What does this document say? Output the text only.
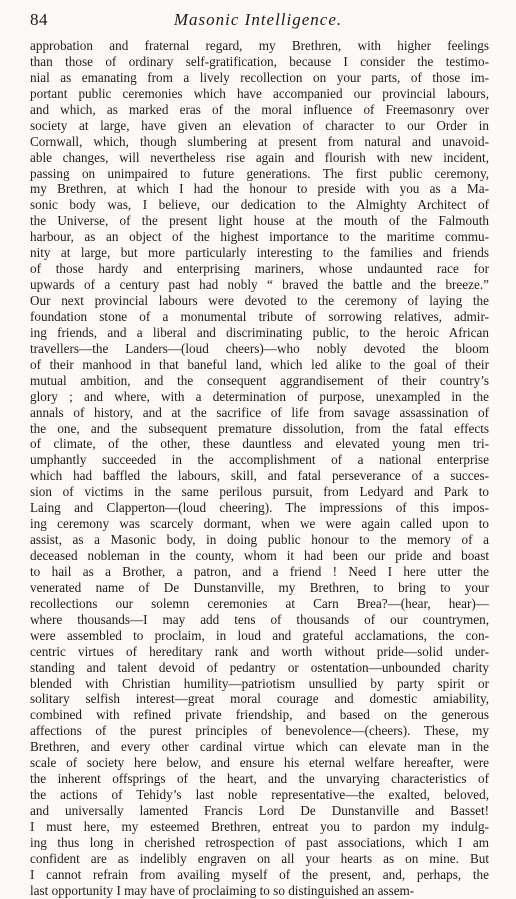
84	Masonic Intelligence.
approbation and fraternal regard, my Brethren, with higher feelings
than those of ordinary self-gratification, because I consider the testimo-
nial as emanating from a lively recollection on your parts, of those im-
portant public ceremonies which have accompanied our provincial labours,
and which, as marked eras of the moral influence of Freemasonry over
society at large, have given an elevation of character to our Order in
Cornwall, which, though slumbering at present from natural and unavoid-
able changes, will nevertheless rise again and flourish with new incident,
passing on unimpaired to future generations. The first public ceremony,
my Brethren, at which I had the honour to preside with you as a Ma-
sonic body was, I believe, our dedication to the Almighty Architect of
the Universe, of the present light house at the mouth of the Falmouth
harbour, as an object of the highest importance to the maritime commu-
nity at large, but more particularly interesting to the families and friends
of those hardy and enterprising mariners, whose undaunted race for
upwards of a century past had nobly “ braved the battle and the breeze.”
Our next provincial labours were devoted to the ceremony of laying the
foundation stone of a monumental tribute of sorrowing relatives, admir-
ing friends, and a liberal and discriminating public, to the heroic African
travellers—the Landers—(loud cheers)—who nobly devoted the bloom
of their manhood in that baneful land, which led alike to the goal of their
mutual ambition, and the consequent aggrandisement of their country’s
glory ; and where, with a determination of purpose, unexampled in the
annals of history, and at the sacrifice of life from savage assassination of
the one, and the subsequent premature dissolution, from the fatal effects
of climate, of the other, these dauntless and elevated young men tri-
umphantly succeeded in the accomplishment of a national enterprise
which had baffled the labours, skill, and fatal perseverance of a succes-
sion of victims in the same perilous pursuit, from Ledyard and Park to
Laing and Clapperton—(loud cheering). The impressions of this impos-
ing ceremony was scarcely dormant, when we were again called upon to
assist, as a Masonic body, in doing public honour to the memory of a
deceased nobleman in the county, whom it had been our pride and boast
to hail as a Brother, a patron, and a friend ! Need I here utter the
venerated name of De Dunstanville, my Brethren, to bring to your
recollections our solemn ceremonies at Carn Brea?—(hear, hear)—
where thousands—I may add tens of thousands of our countrymen,
were assembled to proclaim, in loud and grateful acclamations, the con-
centric virtues of hereditary rank and worth without pride—solid under-
standing and talent devoid of pedantry or ostentation—unbounded charity
blended with Christian humility—patriotism unsullied by party spirit or
solitary selfish interest—great moral courage and domestic amiability,
combined with refined private friendship, and based on the generous
affections of the purest principles of benevolence—(cheers). These, my
Brethren, and every other cardinal virtue which can elevate man in the
scale of society here below, and ensure his eternal welfare hereafter, were
the inherent offsprings of the heart, and the unvarying characteristics of
the actions of Tehidy’s last noble representative—the exalted, beloved,
and universally lamented Francis Lord De Dunstanville and Basset!
I must here, my esteemed Brethren, entreat you to pardon my indulg-
ing thus long in cherished retrospection of past associations, which I am
confident are as indelibly engraven on all your hearts as on mine. But
I cannot refrain from availing myself of the present, and, perhaps, the
last opportunity I may have of proclaiming to so distinguished an assem-
